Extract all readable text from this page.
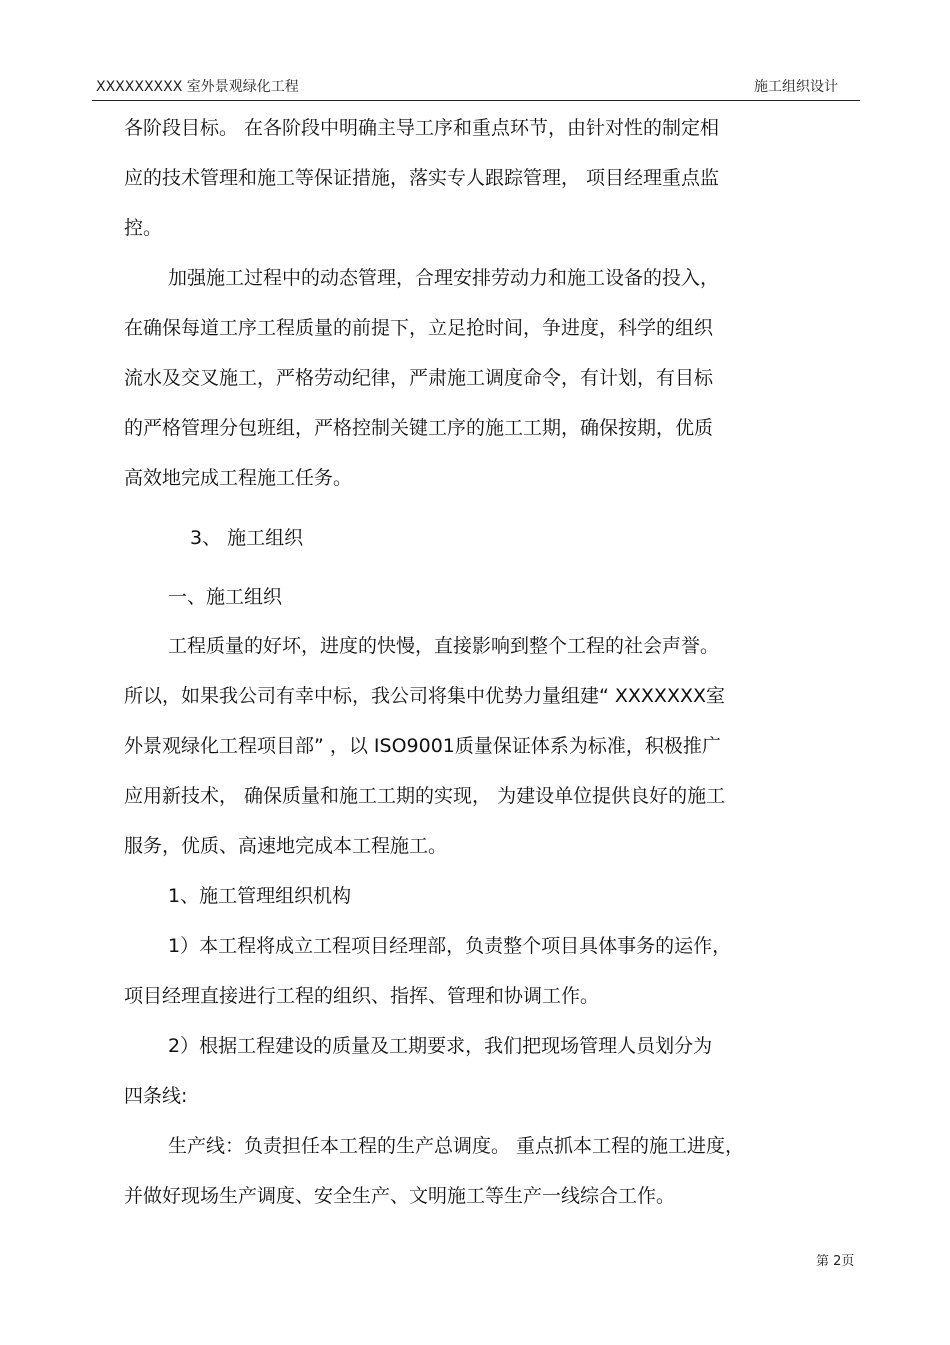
XXXXXXXXX 室外景观绿化工程	施工组织设计
各阶段目标。 在各阶段中明确主导工序和重点环节，由针对性的制定相
应的技术管理和施工等保证措施，落实专人跟踪管理， 项目经理重点监
控。
加强施工过程中的动态管理，合理安排劳动力和施工设备的投入，
在确保每道工序工程质量的前提下，立足抢时间，争进度，科学的组织
流水及交叉施工，严格劳动纪律，严肃施工调度命令，有计划，有目标
的严格管理分包班组，严格控制关键工序的施工工期，确保按期，优质
高效地完成工程施工任务。
3、 施工组织
一、施工组织
工程质量的好坏，进度的快慢，直接影响到整个工程的社会声誉。
所以，如果我公司有幸中标，我公司将集中优势力量组建“ XXXXXXX室
外景观绿化工程项目部” ，以 ISO9001质量保证体系为标准，积极推广
应用新技术， 确保质量和施工工期的实现， 为建设单位提供良好的施工
服务，优质、高速地完成本工程施工。
1、施工管理组织机构
1）本工程将成立工程项目经理部，负责整个项目具体事务的运作，
项目经理直接进行工程的组织、指挥、管理和协调工作。
2）根据工程建设的质量及工期要求，我们把现场管理人员划分为
四条线:
生产线：负责担任本工程的生产总调度。 重点抓本工程的施工进度，
并做好现场生产调度、安全生产、文明施工等生产一线综合工作。
第 2页
